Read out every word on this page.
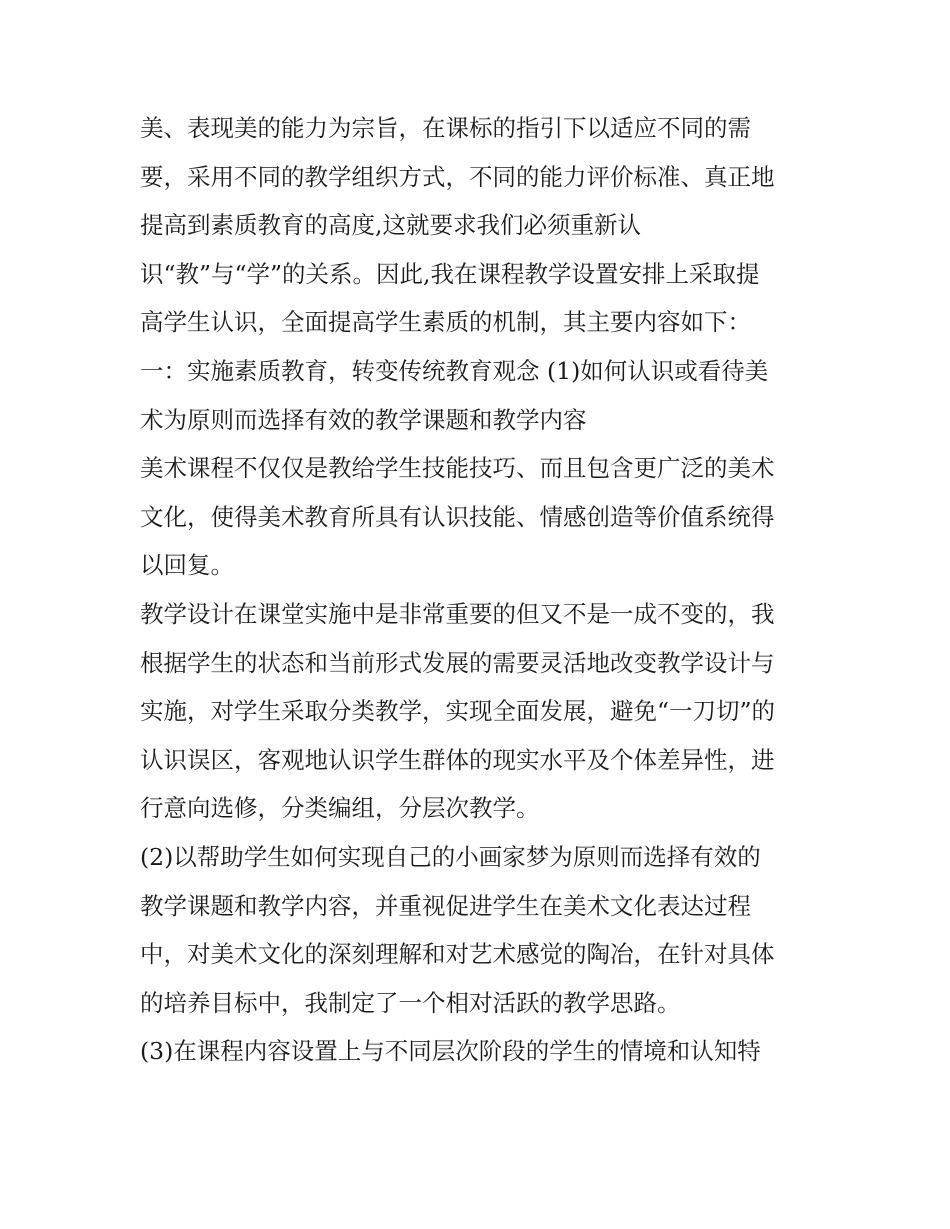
美、表现美的能力为宗旨，在课标的指引下以适应不同的需
要，采用不同的教学组织方式，不同的能力评价标准、真正地
提高到素质教育的高度,这就要求我们必须重新认
识“教”与“学”的关系。因此,我在课程教学设置安排上采取提
高学生认识，全面提高学生素质的机制，其主要内容如下：
一：实施素质教育，转变传统教育观念 (1)如何认识或看待美
术为原则而选择有效的教学课题和教学内容
美术课程不仅仅是教给学生技能技巧、而且包含更广泛的美术
文化，使得美术教育所具有认识技能、情感创造等价值系统得
以回复。
教学设计在课堂实施中是非常重要的但又不是一成不变的，我
根据学生的状态和当前形式发展的需要灵活地改变教学设计与
实施，对学生采取分类教学，实现全面发展，避免“一刀切”的
认识误区，客观地认识学生群体的现实水平及个体差异性，进
行意向选修，分类编组，分层次教学。
(2)以帮助学生如何实现自己的小画家梦为原则而选择有效的
教学课题和教学内容，并重视促进学生在美术文化表达过程
中，对美术文化的深刻理解和对艺术感觉的陶冶，在针对具体
的培养目标中，我制定了一个相对活跃的教学思路。
(3)在课程内容设置上与不同层次阶段的学生的情境和认知特
